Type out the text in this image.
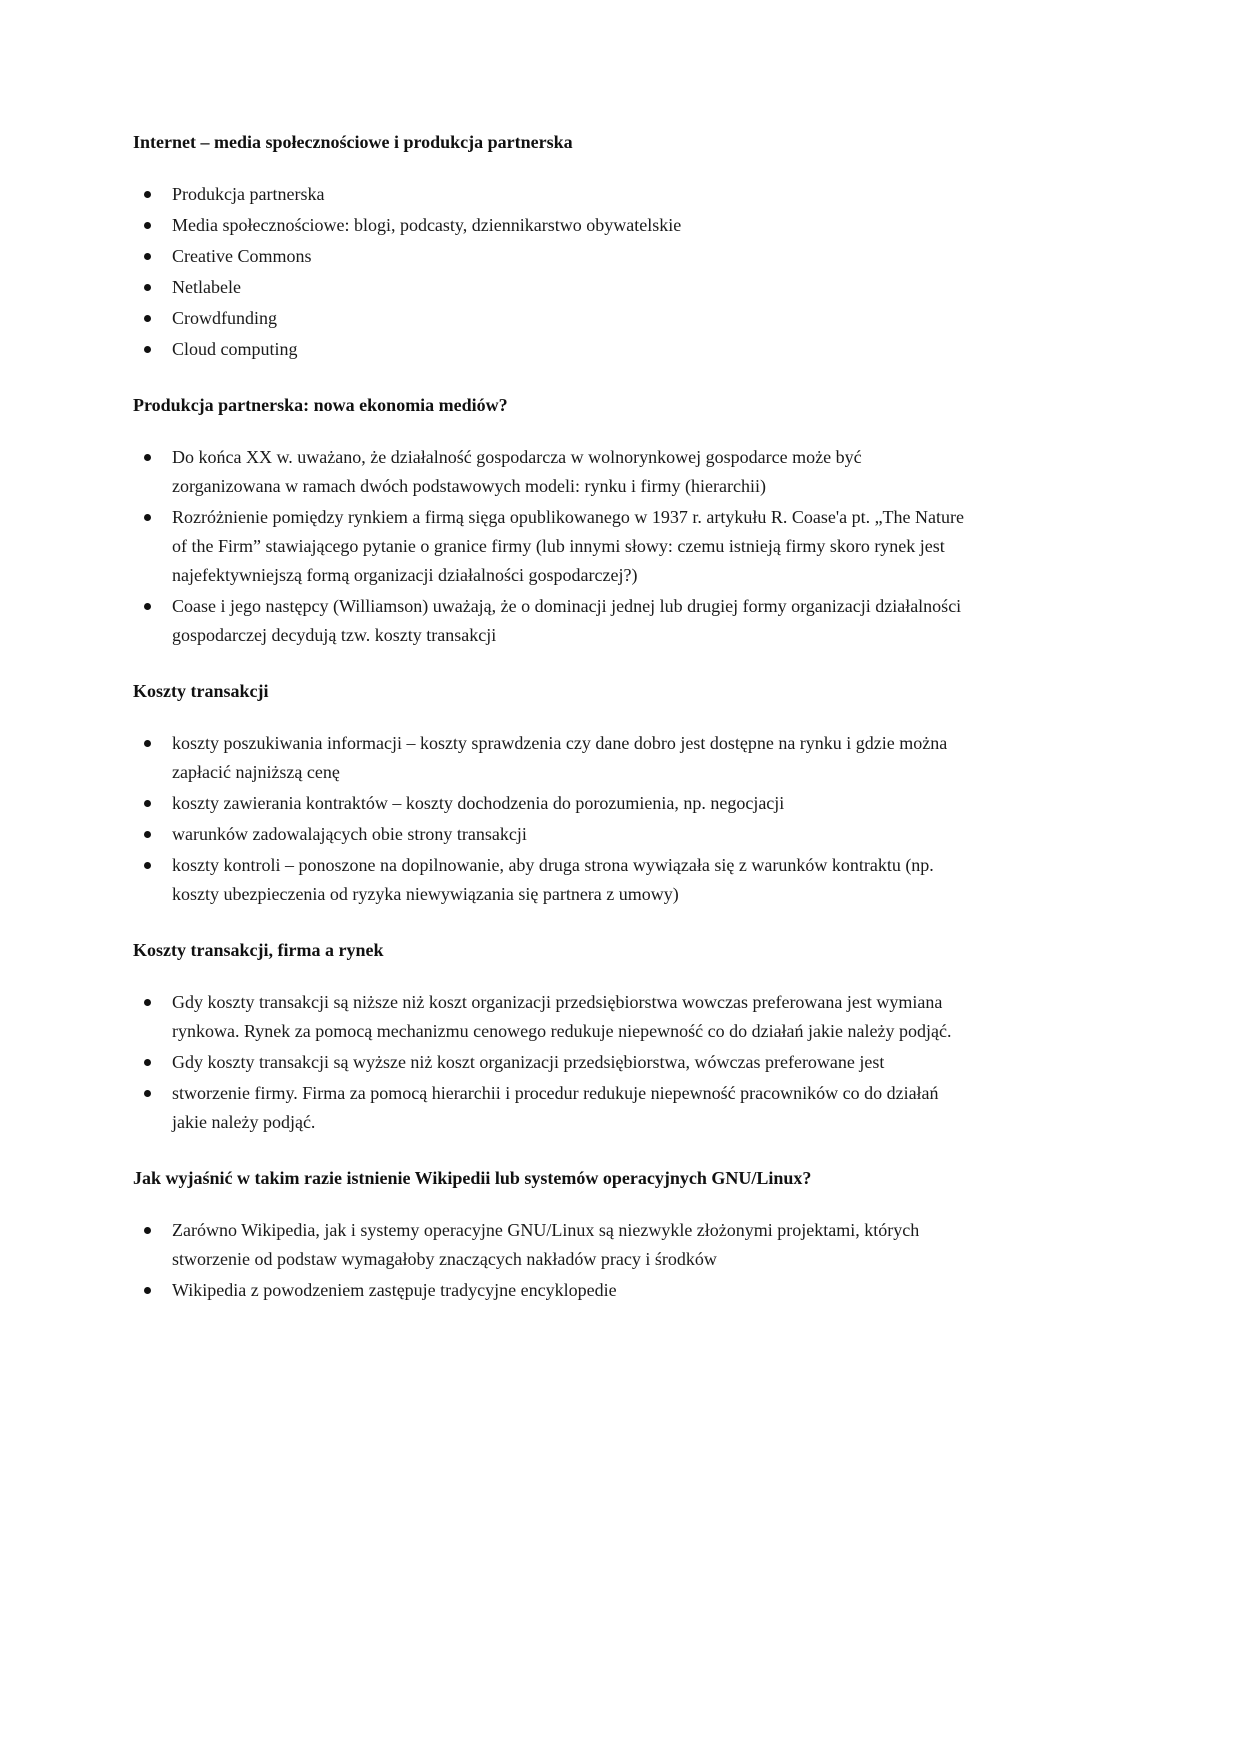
Internet – media społecznościowe i produkcja partnerska
Produkcja partnerska
Media społecznościowe: blogi, podcasty, dziennikarstwo obywatelskie
Creative Commons
Netlabele
Crowdfunding
Cloud computing
Produkcja partnerska: nowa ekonomia mediów?
Do końca XX w. uważano, że działalność gospodarcza w wolnorynkowej gospodarce może być zorganizowana w ramach dwóch podstawowych modeli: rynku i firmy (hierarchii)
Rozróżnienie pomiędzy rynkiem a firmą sięga opublikowanego w 1937 r. artykułu R. Coase'a pt. „The Nature of the Firm” stawiającego pytanie o granice firmy (lub innymi słowy: czemu istnieją firmy skoro rynek jest najefektywniejszą formą organizacji działalności gospodarczej?)
Coase i jego następcy (Williamson) uważają, że o dominacji jednej lub drugiej formy organizacji działalności gospodarczej decydują tzw. koszty transakcji
Koszty transakcji
koszty poszukiwania informacji – koszty sprawdzenia czy dane dobro jest dostępne na rynku i gdzie można zapłacić najniższą cenę
koszty zawierania kontraktów – koszty dochodzenia do porozumienia, np. negocjacji
warunków zadowalających obie strony transakcji
koszty kontroli – ponoszone na dopilnowanie, aby druga strona wywiązała się z warunków kontraktu (np. koszty ubezpieczenia od ryzyka niewywiązania się partnera z umowy)
Koszty transakcji, firma a rynek
Gdy koszty transakcji są niższe niż koszt organizacji przedsiębiorstwa wowczas preferowana jest wymiana rynkowa. Rynek za pomocą mechanizmu cenowego redukuje niepewność co do działań jakie należy podjąć.
Gdy koszty transakcji są wyższe niż koszt organizacji przedsiębiorstwa, wówczas preferowane jest
stworzenie firmy. Firma za pomocą hierarchii i procedur redukuje niepewność pracowników co do działań jakie należy podjąć.
Jak wyjaśnić w takim razie istnienie Wikipedii lub systemów operacyjnych GNU/Linux?
Zarówno Wikipedia, jak i systemy operacyjne GNU/Linux są niezwykle złożonymi projektami, których stworzenie od podstaw wymagałoby znaczących nakładów pracy i środków
Wikipedia z powodzeniem zastępuje tradycyjne encyklopedie
